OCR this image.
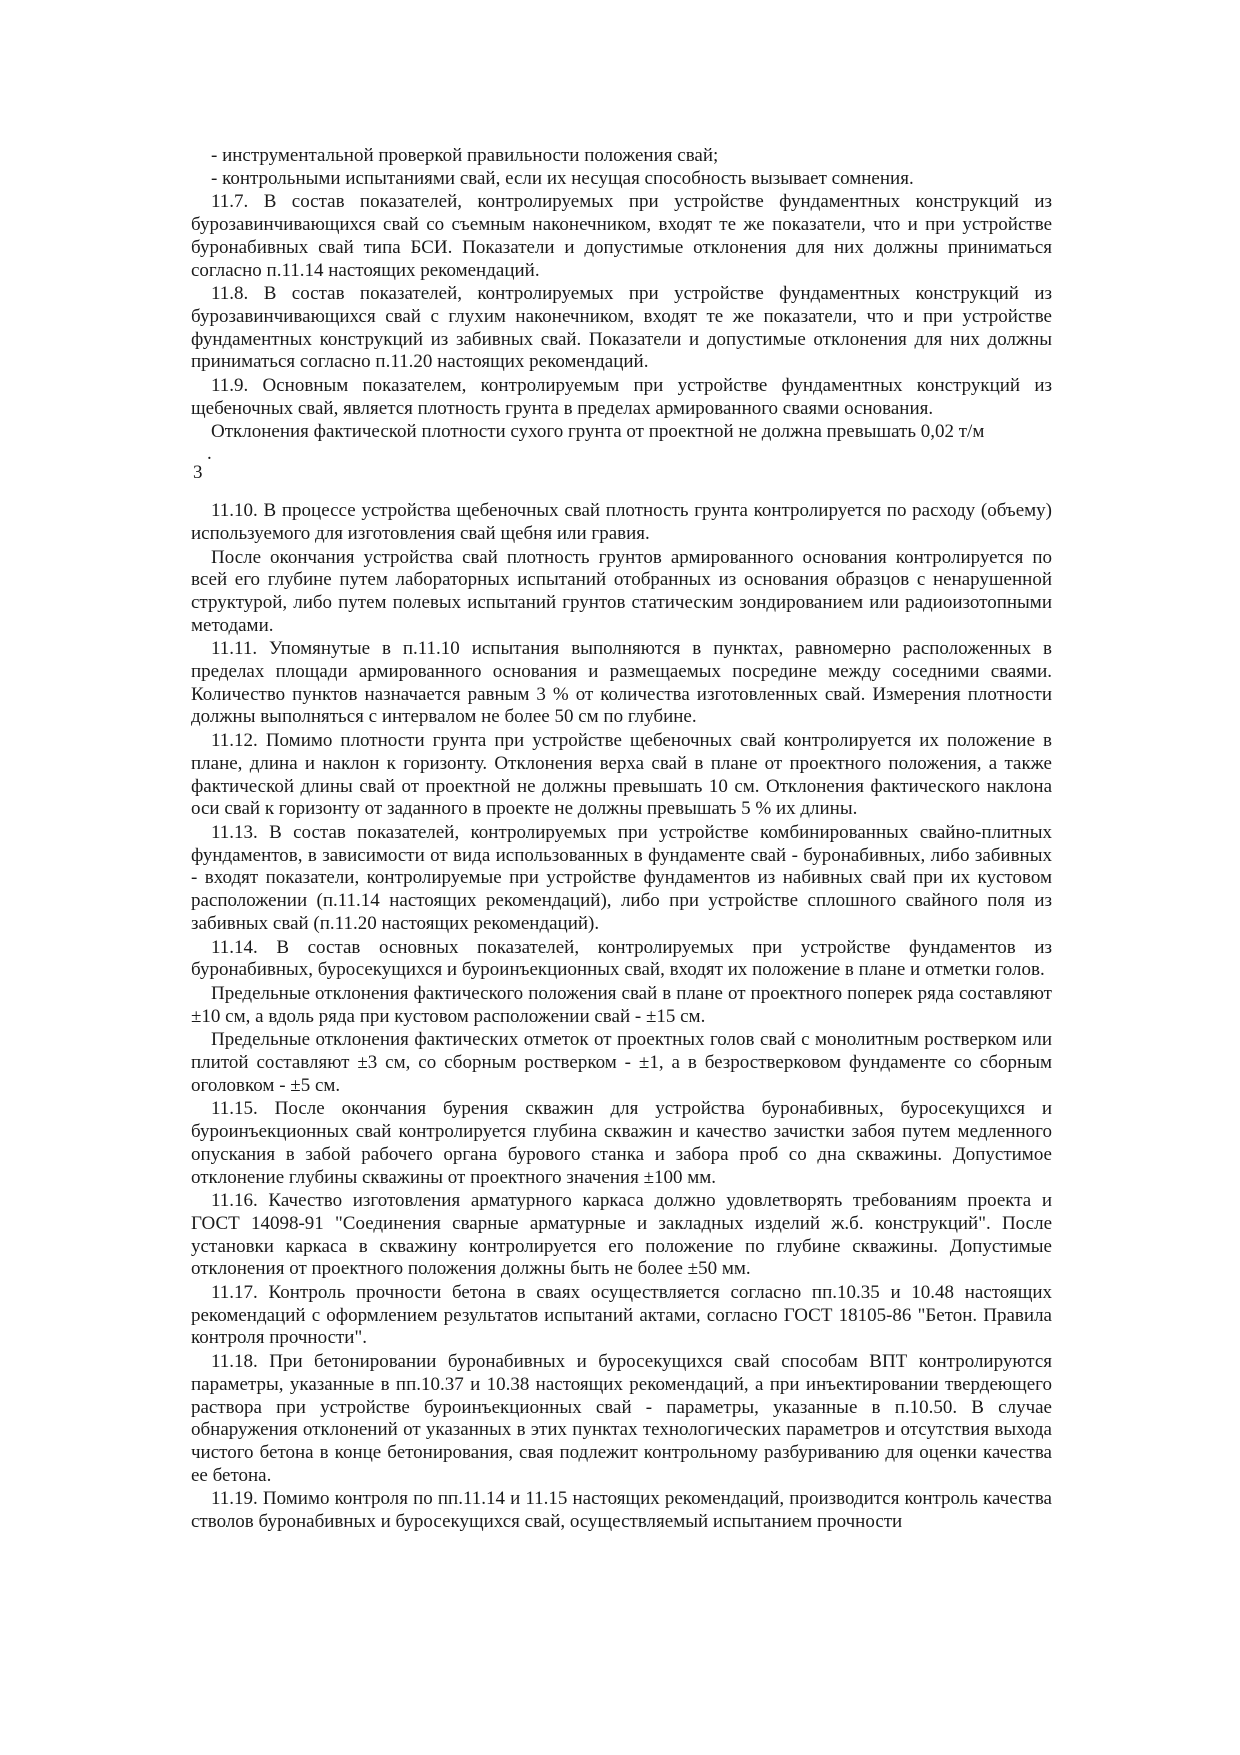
- инструментальной проверкой правильности положения свай;

- контрольными испытаниями свай, если их несущая способность вызывает сомнения.

11.7. В состав показателей, контролируемых при устройстве фундаментных конструкций из бурозавинчивающихся свай со съемным наконечником, входят те же показатели, что и при устройстве буронабивных свай типа БСИ. Показатели и допустимые отклонения для них должны приниматься согласно п.11.14 настоящих рекомендаций.

11.8. В состав показателей, контролируемых при устройстве фундаментных конструкций из бурозавинчивающихся свай с глухим наконечником, входят те же показатели, что и при устройстве фундаментных конструкций из забивных свай. Показатели и допустимые отклонения для них должны приниматься согласно п.11.20 настоящих рекомендаций.

11.9. Основным показателем, контролируемым при устройстве фундаментных конструкций из щебеночных свай, является плотность грунта в пределах армированного сваями основания.

Отклонения фактической плотности сухого грунта от проектной не должна превышать 0,02 т/м

.

3

11.10. В процессе устройства щебеночных свай плотность грунта контролируется по расходу (объему) используемого для изготовления свай щебня или гравия.

После окончания устройства свай плотность грунтов армированного основания контролируется по всей его глубине путем лабораторных испытаний отобранных из основания образцов с ненарушенной структурой, либо путем полевых испытаний грунтов статическим зондированием или радиоизотопными методами.

11.11. Упомянутые в п.11.10 испытания выполняются в пунктах, равномерно расположенных в пределах площади армированного основания и размещаемых посредине между соседними сваями. Количество пунктов назначается равным 3 % от количества изготовленных свай. Измерения плотности должны выполняться с интервалом не более 50 см по глубине.

11.12. Помимо плотности грунта при устройстве щебеночных свай контролируется их положение в плане, длина и наклон к горизонту. Отклонения верха свай в плане от проектного положения, а также фактической длины свай от проектной не должны превышать 10 см. Отклонения фактического наклона оси свай к горизонту от заданного в проекте не должны превышать 5 % их длины.

11.13. В состав показателей, контролируемых при устройстве комбинированных свайно-плитных фундаментов, в зависимости от вида использованных в фундаменте свай - буронабивных, либо забивных - входят показатели, контролируемые при устройстве фундаментов из набивных свай при их кустовом расположении (п.11.14 настоящих рекомендаций), либо при устройстве сплошного свайного поля из забивных свай (п.11.20 настоящих рекомендаций).

11.14. В состав основных показателей, контролируемых при устройстве фундаментов из буронабивных, буросекущихся и буроинъекционных свай, входят их положение в плане и отметки голов.

Предельные отклонения фактического положения свай в плане от проектного поперек ряда составляют ±10 см, а вдоль ряда при кустовом расположении свай - ±15 см.

Предельные отклонения фактических отметок от проектных голов свай с монолитным ростверком или плитой составляют ±3 см, со сборным ростверком - ±1, а в безростверковом фундаменте со сборным оголовком - ±5 см.

11.15. После окончания бурения скважин для устройства буронабивных, буросекущихся и буроинъекционных свай контролируется глубина скважин и качество зачистки забоя путем медленного опускания в забой рабочего органа бурового станка и забора проб со дна скважины. Допустимое отклонение глубины скважины от проектного значения ±100 мм.

11.16. Качество изготовления арматурного каркаса должно удовлетворять требованиям проекта и ГОСТ 14098-91 "Соединения сварные арматурные и закладных изделий ж.б. конструкций". После установки каркаса в скважину контролируется его положение по глубине скважины. Допустимые отклонения от проектного положения должны быть не более ±50 мм.

11.17. Контроль прочности бетона в сваях осуществляется согласно пп.10.35 и 10.48 настоящих рекомендаций с оформлением результатов испытаний актами, согласно ГОСТ 18105-86 "Бетон. Правила контроля прочности".

11.18. При бетонировании буронабивных и буросекущихся свай способам ВПТ контролируются параметры, указанные в пп.10.37 и 10.38 настоящих рекомендаций, а при инъектировании твердеющего раствора при устройстве буроинъекционных свай - параметры, указанные в п.10.50. В случае обнаружения отклонений от указанных в этих пунктах технологических параметров и отсутствия выхода чистого бетона в конце бетонирования, свая подлежит контрольному разбуриванию для оценки качества ее бетона.

11.19. Помимо контроля по пп.11.14 и 11.15 настоящих рекомендаций, производится контроль качества стволов буронабивных и буросекущихся свай, осуществляемый испытанием прочности
